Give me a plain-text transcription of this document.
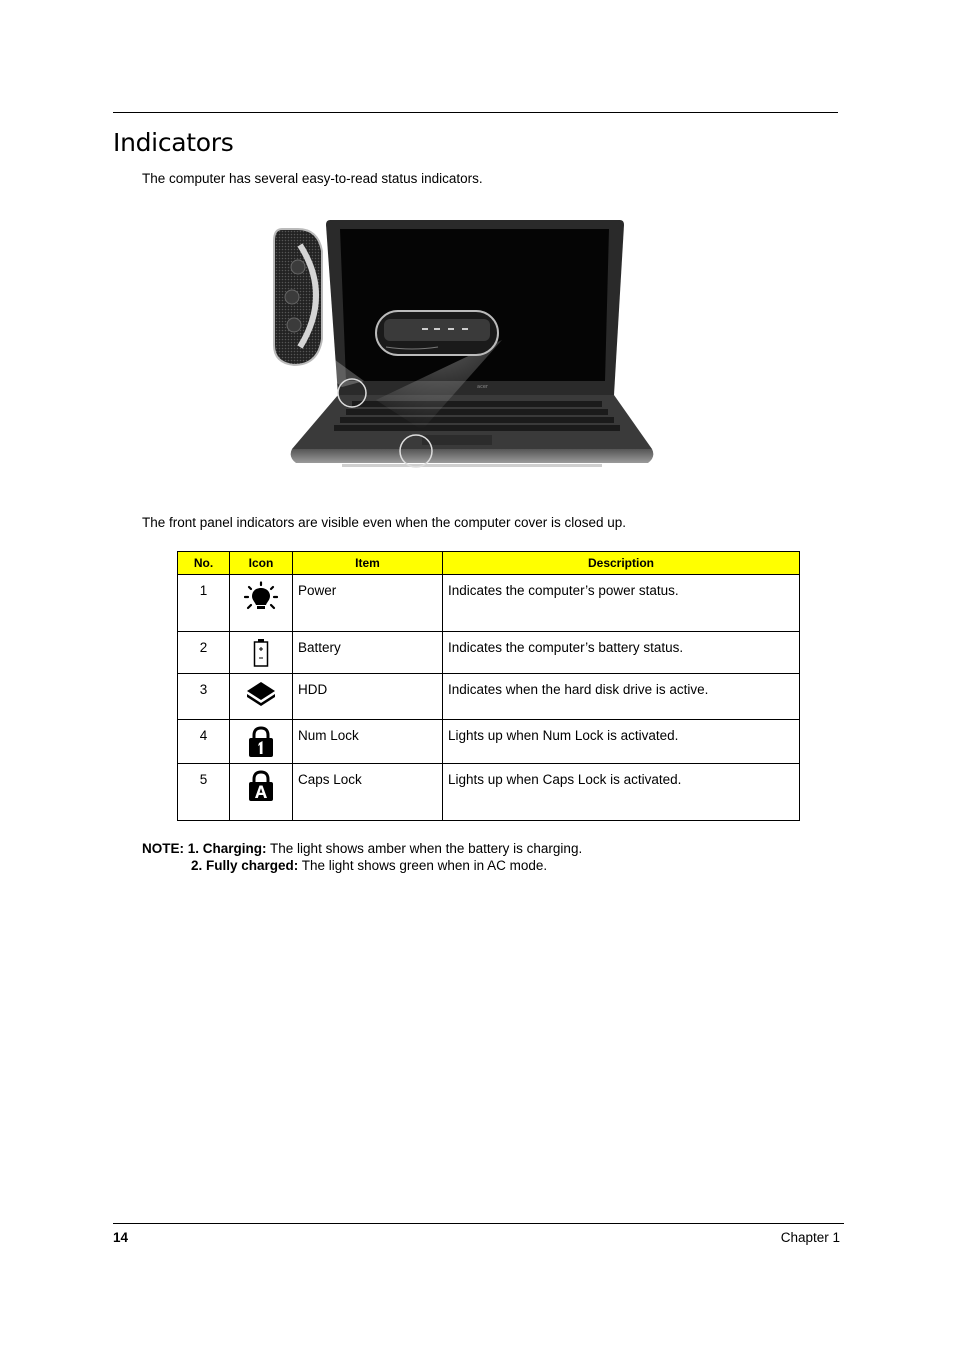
Indicators
The computer has several easy-to-read status indicators.
acer
The front panel indicators are visible even when the computer cover is closed up.
No.	Icon	Item	Description
1		Power	Indicates the computer’s power status.
2		Battery	Indicates the computer’s battery status.
3		HDD	Indicates when the hard disk drive is active.
4		Num Lock	Lights up when Num Lock is activated.
5		Caps Lock	Lights up when Caps Lock is activated.
NOTE: 1. Charging: The light shows amber when the battery is charging.
2. Fully charged: The light shows green when in AC mode.
14	Chapter 1
